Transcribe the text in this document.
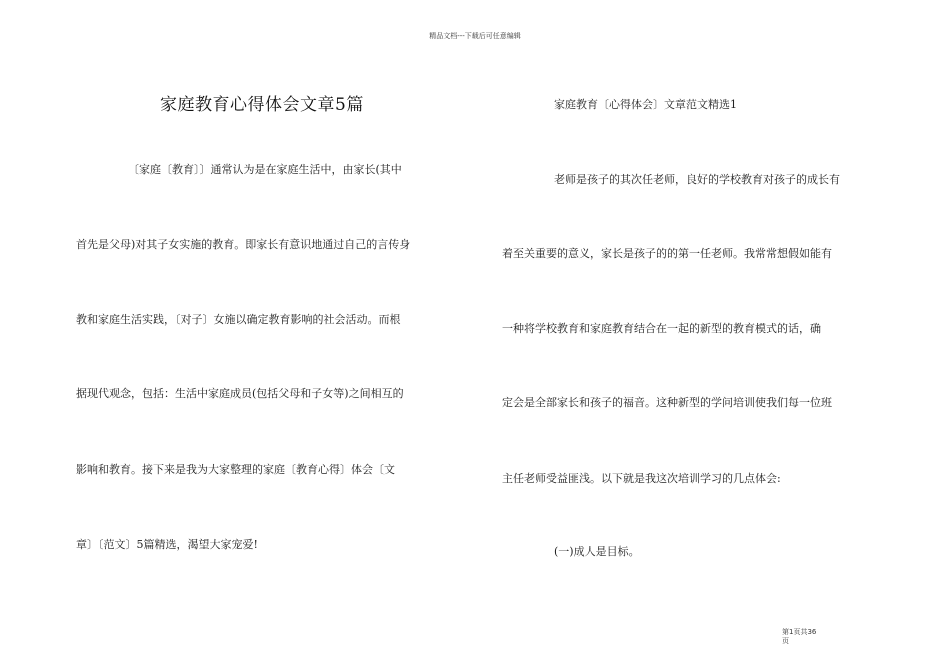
精品文档---下载后可任意编辑
家庭教育心得体会文章5篇
〔家庭〔教育〕〕通常认为是在家庭生活中，由家长(其中
首先是父母)对其子女实施的教育。即家长有意识地通过自己的言传身
教和家庭生活实践，〔对子〕女施以确定教育影响的社会活动。而根
据现代观念，包括：生活中家庭成员(包括父母和子女等)之间相互的
影响和教育。接下来是我为大家整理的家庭〔教育心得〕体会〔文
章〕〔范文〕5篇精选，渴望大家宠爱!
家庭教育〔心得体会〕文章范文精选1
老师是孩子的其次任老师，良好的学校教育对孩子的成长有
着至关重要的意义，家长是孩子的的第一任老师。我常常想假如能有
一种将学校教育和家庭教育结合在一起的新型的教育模式的话，确
定会是全部家长和孩子的福音。这种新型的学问培训使我们每一位班
主任老师受益匪浅。以下就是我这次培训学习的几点体会:
(一)成人是目标。
第1页共36
页
